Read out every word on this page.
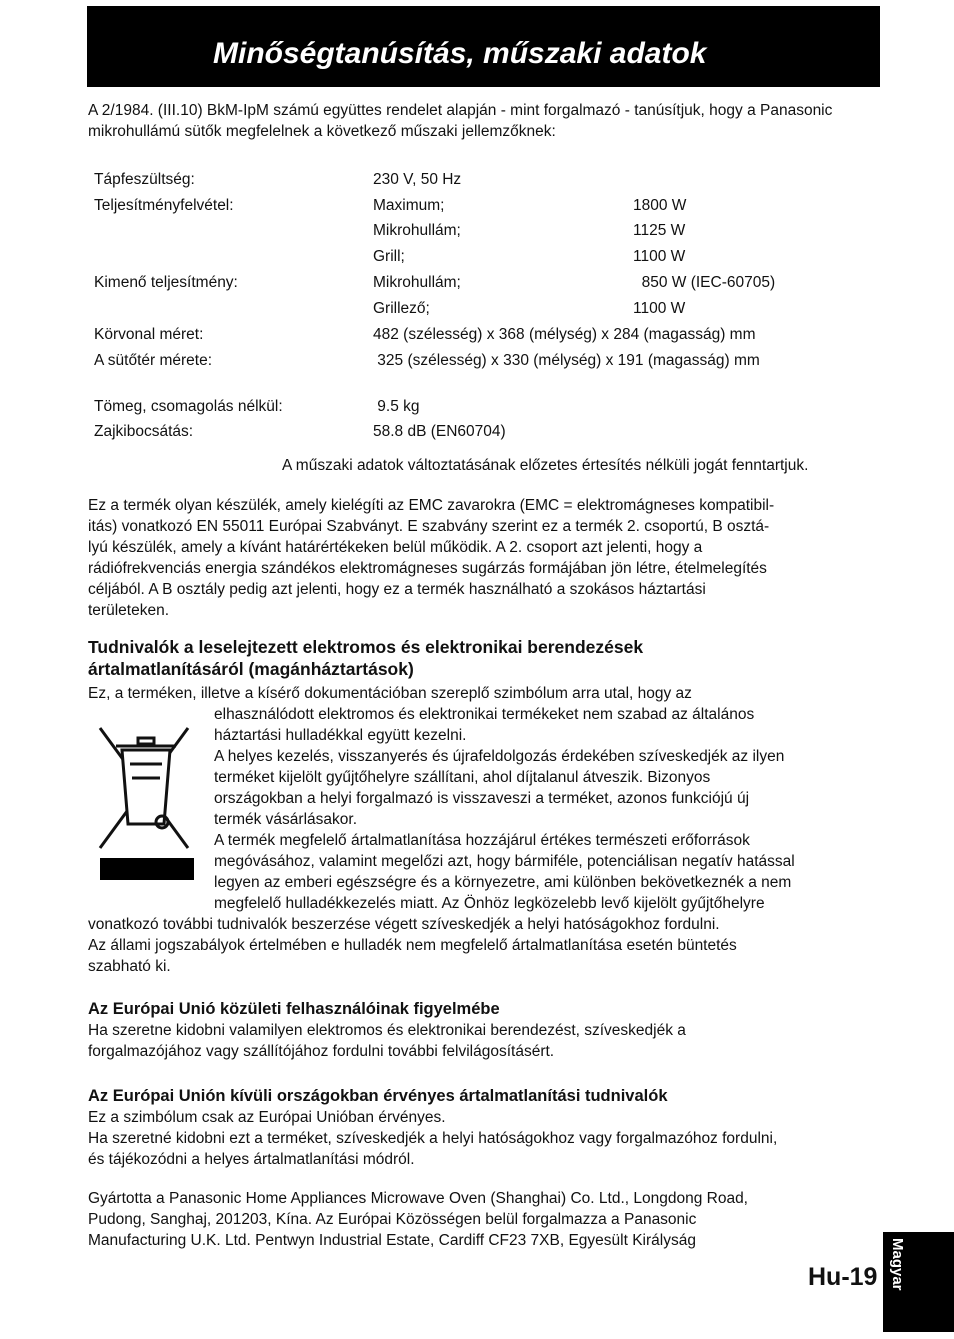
Minőségtanúsítás, műszaki adatok

A 2/1984. (III.10) BkM-IpM számú együttes rendelet alapján - mint forgalmazó - tanúsítjuk, hogy a Panasonic mikrohullámú sütők megfelelnek a következő műszaki jellemzőknek:

Tápfeszültség:	230 V, 50 Hz
Teljesítményfelvétel:	Maximum;	1800 W
Mikrohullám;	1125 W
Grill;	1100 W
Kimenő teljesítmény:	Mikrohullám;	850 W (IEC-60705)
Grillező;	1100 W
Körvonal méret:	482 (szélesség) x 368 (mélység) x 284 (magasság) mm
A sütőtér mérete:	325 (szélesség) x 330 (mélység) x 191 (magasság) mm
Tömeg, csomagolás nélkül:	9.5 kg
Zajkibocsátás:	58.8 dB (EN60704)

A műszaki adatok változtatásának előzetes értesítés nélküli jogát fenntartjuk.

Ez a termék olyan készülék, amely kielégíti az EMC zavarokra (EMC = elektromágneses kompatibil-

itás) vonatkozó EN 55011 Európai Szabványt. E szabvány szerint ez a termék 2. csoportú, B osztá-

lyú készülék, amely a kívánt határértékeken belül működik. A 2. csoport azt jelenti, hogy a

rádiófrekvenciás energia szándékos elektromágneses sugárzás formájában jön létre, ételmelegítés

céljából. A B osztály pedig azt jelenti, hogy ez a termék használható a szokásos háztartási

területeken.

Tudnivalók a leselejtezett elektromos és elektronikai berendezések
ártalmatlanításáról (magánháztartások)

Ez, a terméken, illetve a kísérő dokumentációban szereplő szimbólum arra utal, hogy az

elhasználódott elektromos és elektronikai termékeket nem szabad az általános

háztartási hulladékkal együtt kezelni.

A helyes kezelés, visszanyerés és újrafeldolgozás érdekében szíveskedjék az ilyen

terméket kijelölt gyűjtőhelyre szállítani, ahol díjtalanul átveszik. Bizonyos

országokban a helyi forgalmazó is visszaveszi a terméket, azonos funkciójú új

termék vásárlásakor.

A termék megfelelő ártalmatlanítása hozzájárul értékes természeti erőforrások

megóvásához, valamint megelőzi azt, hogy bármiféle, potenciálisan negatív hatással

legyen az emberi egészségre és a környezetre, ami különben bekövetkeznék a nem

megfelelő hulladékkezelés miatt. Az Önhöz legközelebb levő kijelölt gyűjtőhelyre

vonatkozó további tudnivalók beszerzése végett szíveskedjék a helyi hatóságokhoz fordulni.

Az állami jogszabályok értelmében e hulladék nem megfelelő ártalmatlanítása esetén büntetés

szabható ki.

Az Európai Unió közületi felhasználóinak figyelmébe

Ha szeretne kidobni valamilyen elektromos és elektronikai berendezést, szíveskedjék a

forgalmazójához vagy szállítójához fordulni további felvilágosításért.

Az Európai Unión kívüli országokban érvényes ártalmatlanítási tudnivalók

Ez a szimbólum csak az Európai Unióban érvényes.

Ha szeretné kidobni ezt a terméket, szíveskedjék a helyi hatóságokhoz vagy forgalmazóhoz fordulni,

és tájékozódni a helyes ártalmatlanítási módról.

Gyártotta a Panasonic Home Appliances Microwave Oven (Shanghai) Co. Ltd., Longdong Road,

Pudong, Sanghaj, 201203, Kína. Az Európai Közösségen belül forgalmazza a Panasonic

Manufacturing U.K. Ltd. Pentwyn Industrial Estate, Cardiff CF23 7XB, Egyesült Királyság

Hu-19 Magyar
